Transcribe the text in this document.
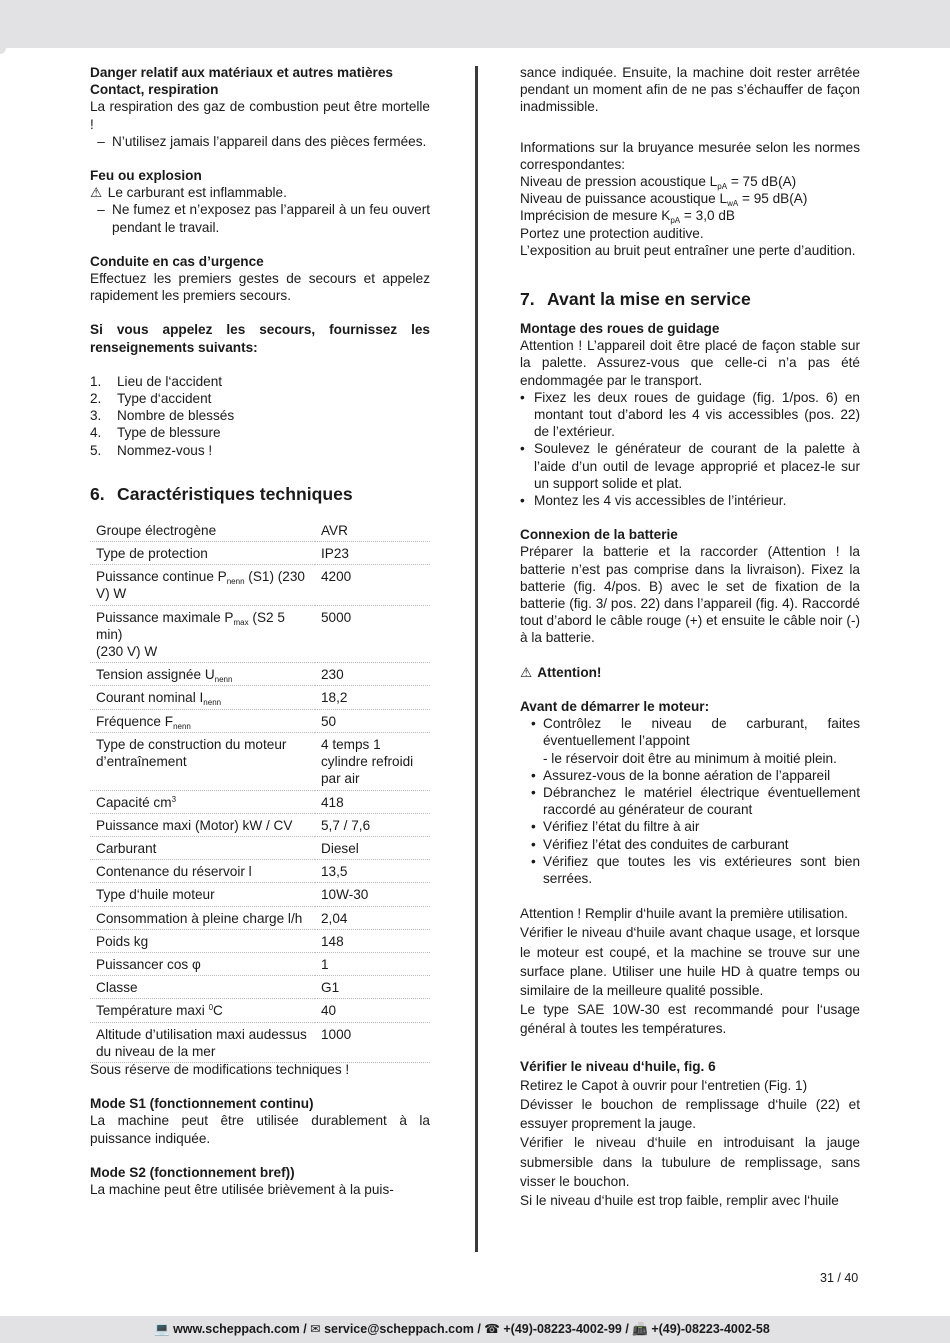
Danger relatif aux matériaux et autres matières
Contact, respiration

La respiration des gaz de combustion peut être mortelle !

– N’utilisez jamais l’appareil dans des pièces fermées.

Feu ou explosion

⚠ Le carburant est inflammable.

– Ne fumez et n’exposez pas l’appareil à un feu ouvert pendant le travail.

Conduite en cas d’urgence

Effectuez les premiers gestes de secours et appelez rapidement les premiers secours.

Si vous appelez les secours, fournissez les renseignements suivants:

1.	Lieu de l‘accident
2.	Type d‘accident
3.	Nombre de blessés
4.	Type de blessure
5.	Nommez-vous !
6. Caractéristiques techniques
Groupe électrogène	AVR
Type de protection	IP23
Puissance continue $P_{nenn}$ (S1) (230 V) W	4200
Puissance maximale $P_{max}$ (S2 5 min)
(230 V) W	5000
Tension assignée $U_{nenn}$	230
Courant nominal $I_{nenn}$	18,2
Fréquence $F_{nenn}$	50
Type de construction du moteur d’entraînement	4 temps 1 cylindre refroidi par air
Capacité $cm^3$	418
Puissance maxi (Motor) kW / CV	5,7 / 7,6
Carburant	Diesel
Contenance du réservoir l	13,5
Type d‘huile moteur	10W-30
Consommation à pleine charge l/h	2,04
Poids kg	148
Puissancer cos φ	1
Classe	G1
Température maxi $^0$C	40
Altitude d’utilisation maxi audessus du niveau de la mer	1000

Sous réserve de modifications techniques !

Mode S1 (fonctionnement continu)

La machine peut être utilisée durablement à la puissance indiquée.

Mode S2 (fonctionnement bref))

La machine peut être utilisée brièvement à la puis-

sance indiquée. Ensuite, la machine doit rester arrêtée pendant un moment afin de ne pas s’échauffer de façon inadmissible.

Informations sur la bruyance mesurée selon les normes correspondantes:

Niveau de pression acoustique $L_{pA} = 75$ dB(A)

Niveau de puissance acoustique $L_{wA} = 95$ dB(A)

Imprécision de mesure $K_{pA} = 3,0$ dB

Portez une protection auditive.

L’exposition au bruit peut entraîner une perte d’audition.

7. Avant la mise en service

Montage des roues de guidage

Attention ! L’appareil doit être placé de façon stable sur la palette. Assurez-vous que celle-ci n’a pas été endommagée par le transport.

• Fixez les deux roues de guidage (fig. 1/pos. 6) en montant tout d’abord les 4 vis accessibles (pos. 22) de l’extérieur.
• Soulevez le générateur de courant de la palette à l’aide d’un outil de levage approprié et placez-le sur un support solide et plat.
• Montez les 4 vis accessibles de l’intérieur.

Connexion de la batterie

Préparer la batterie et la raccorder (Attention ! la batterie n’est pas comprise dans la livraison). Fixez la batterie (fig. 4/pos. B) avec le set de fixation de la batterie (fig. 3/ pos. 22) dans l’appareil (fig. 4). Raccordé tout d’abord le câble rouge (+) et ensuite le câble noir (-) à la batterie.

⚠ Attention!

Avant de démarrer le moteur:

• Contrôlez le niveau de carburant, faites éventuellement l’appoint
- le réservoir doit être au minimum à moitié plein.
• Assurez-vous de la bonne aération de l’appareil
• Débranchez le matériel électrique éventuellement raccordé au générateur de courant
• Vérifiez l’état du filtre à air
• Vérifiez l’état des conduites de carburant
• Vérifiez que toutes les vis extérieures sont bien serrées.

Attention ! Remplir d‘huile avant la première utilisation.

Vérifier le niveau d‘huile avant chaque usage, et lorsque le moteur est coupé, et la machine se trouve sur une surface plane. Utiliser une huile HD à quatre temps ou similaire de la meilleure qualité possible.

Le type SAE 10W-30 est recommandé pour l‘usage général à toutes les températures.

Vérifier le niveau d‘huile, fig. 6

Retirez le Capot à ouvrir pour l‘entretien (Fig. 1)

Dévisser le bouchon de remplissage d‘huile (22) et essuyer proprement la jauge.

Vérifier le niveau d‘huile en introduisant la jauge submersible dans la tubulure de remplissage, sans visser le bouchon.

Si le niveau d‘huile est trop faible, remplir avec l‘huile

31 / 40
💻 www.scheppach.com / ✉ service@scheppach.com / ☎ +(49)-08223-4002-99 / 📠 +(49)-08223-4002-58
